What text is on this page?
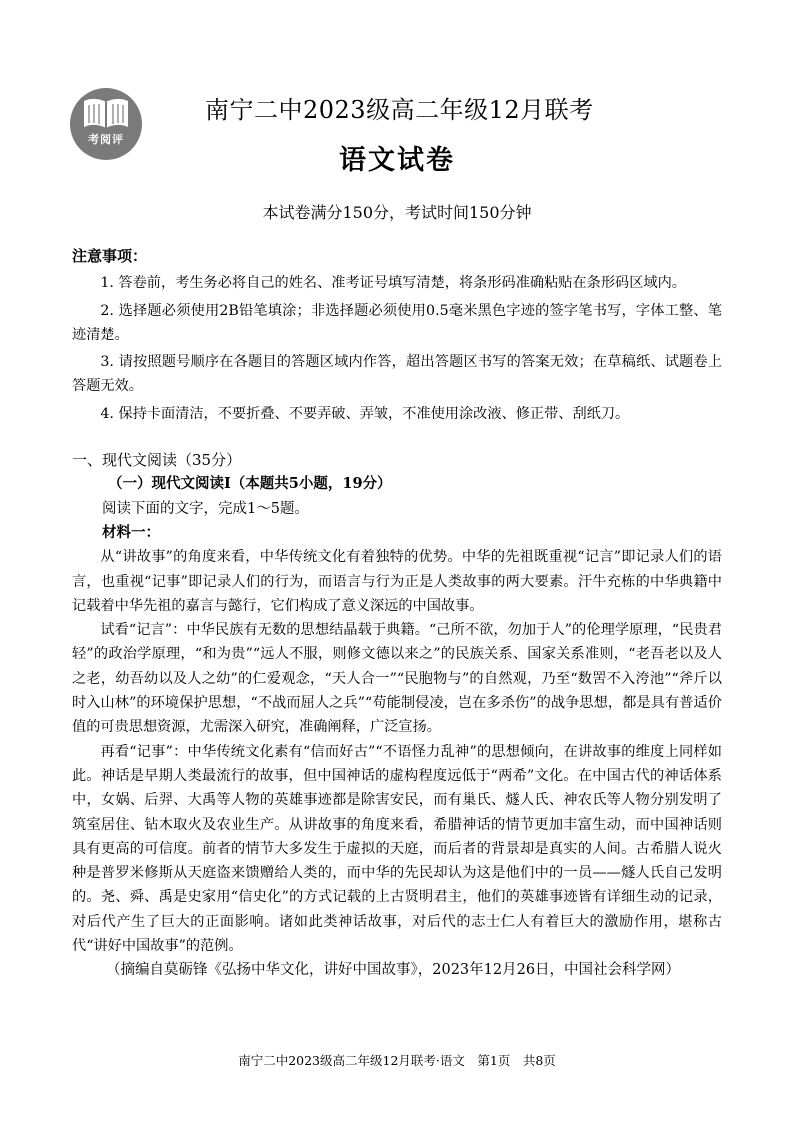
考阅评
南宁二中2023级高二年级12月联考
语文试卷
本试卷满分150分，考试时间150分钟
注意事项：
1. 答卷前，考生务必将自己的姓名、准考证号填写清楚，将条形码准确粘贴在条形码区域内。
2. 选择题必须使用2B铅笔填涂；非选择题必须使用0.5毫米黑色字迹的签字笔书写，字体工整、笔迹清楚。
3. 请按照题号顺序在各题目的答题区域内作答，超出答题区书写的答案无效；在草稿纸、试题卷上答题无效。
4. 保持卡面清洁，不要折叠、不要弄破、弄皱，不准使用涂改液、修正带、刮纸刀。
一、现代文阅读（35分）
（一）现代文阅读I（本题共5小题，19分）
阅读下面的文字，完成1～5题。
材料一：
从“讲故事”的角度来看，中华传统文化有着独特的优势。中华的先祖既重视“记言”即记录人们的语言，也重视“记事”即记录人们的行为，而语言与行为正是人类故事的两大要素。汗牛充栋的中华典籍中记载着中华先祖的嘉言与懿行，它们构成了意义深远的中国故事。
试看“记言”：中华民族有无数的思想结晶载于典籍。“己所不欲，勿加于人”的伦理学原理，“民贵君轻”的政治学原理，“和为贵”“远人不服，则修文德以来之”的民族关系、国家关系准则，“老吾老以及人之老，幼吾幼以及人之幼”的仁爱观念，“天人合一”“民胞物与”的自然观，乃至“数罟不入洿池”“斧斤以时入山林”的环境保护思想，“不战而屈人之兵”“苟能制侵凌，岂在多杀伤”的战争思想，都是具有普适价值的可贵思想资源，尤需深入研究，准确阐释，广泛宣扬。
再看“记事”：中华传统文化素有“信而好古”“不语怪力乱神”的思想倾向，在讲故事的维度上同样如此。神话是早期人类最流行的故事，但中国神话的虚构程度远低于“两希”文化。在中国古代的神话体系中，女娲、后羿、大禹等人物的英雄事迹都是除害安民，而有巢氏、燧人氏、神农氏等人物分别发明了筑室居住、钻木取火及农业生产。从讲故事的角度来看，希腊神话的情节更加丰富生动，而中国神话则具有更高的可信度。前者的情节大多发生于虚拟的天庭，而后者的背景却是真实的人间。古希腊人说火种是普罗米修斯从天庭盗来馈赠给人类的，而中华的先民却认为这是他们中的一员——燧人氏自己发明的。尧、舜、禹是史家用“信史化”的方式记载的上古贤明君主，他们的英雄事迹皆有详细生动的记录，对后代产生了巨大的正面影响。诸如此类神话故事，对后代的志士仁人有着巨大的激励作用，堪称古代“讲好中国故事”的范例。
（摘编自莫砺锋《弘扬中华文化，讲好中国故事》，2023年12月26日，中国社会科学网）
南宁二中2023级高二年级12月联考·语文　第1页　共8页
